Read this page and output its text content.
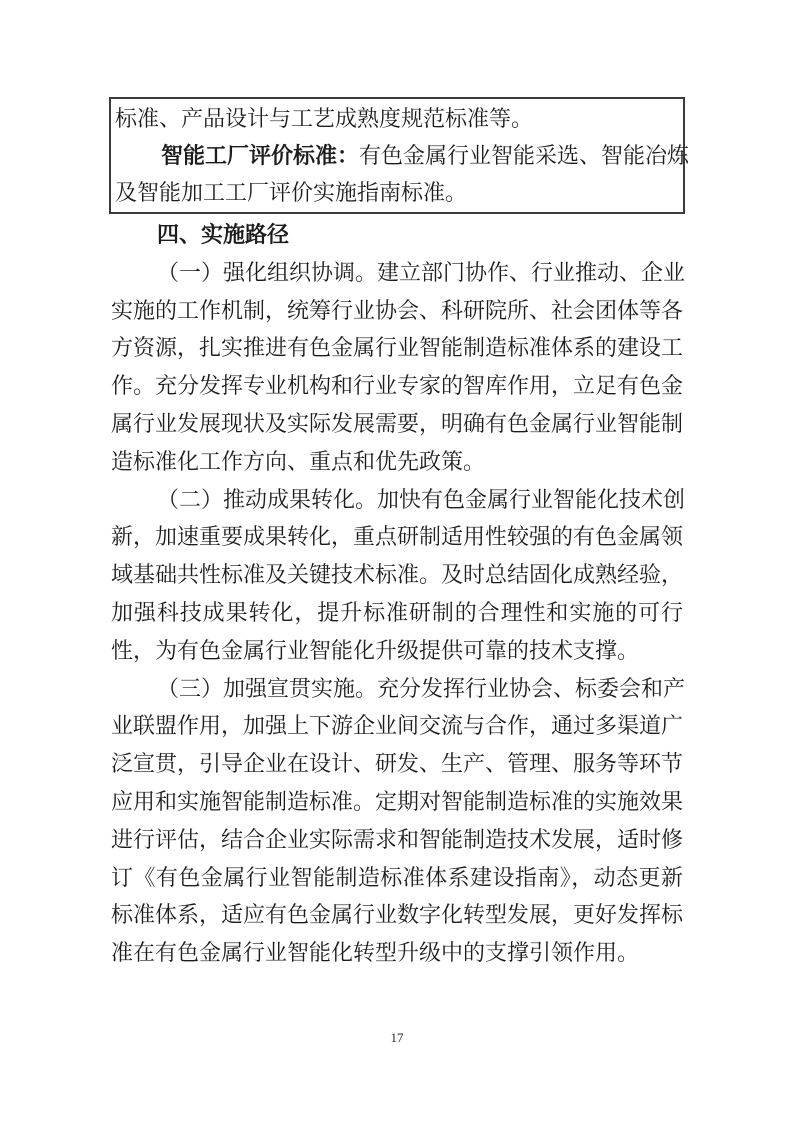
标准、产品设计与工艺成熟度规范标准等。
智能工厂评价标准：有色金属行业智能采选、智能冶炼
及智能加工工厂评价实施指南标准。
四、实施路径
（一）强化组织协调。建立部门协作、行业推动、企业
实施的工作机制，统筹行业协会、科研院所、社会团体等各
方资源，扎实推进有色金属行业智能制造标准体系的建设工
作。充分发挥专业机构和行业专家的智库作用，立足有色金
属行业发展现状及实际发展需要，明确有色金属行业智能制
造标准化工作方向、重点和优先政策。
（二）推动成果转化。加快有色金属行业智能化技术创
新，加速重要成果转化，重点研制适用性较强的有色金属领
域基础共性标准及关键技术标准。及时总结固化成熟经验，
加强科技成果转化，提升标准研制的合理性和实施的可行
性，为有色金属行业智能化升级提供可靠的技术支撑。
（三）加强宣贯实施。充分发挥行业协会、标委会和产
业联盟作用，加强上下游企业间交流与合作，通过多渠道广
泛宣贯，引导企业在设计、研发、生产、管理、服务等环节
应用和实施智能制造标准。定期对智能制造标准的实施效果
进行评估，结合企业实际需求和智能制造技术发展，适时修
订《有色金属行业智能制造标准体系建设指南》，动态更新
标准体系，适应有色金属行业数字化转型发展，更好发挥标
准在有色金属行业智能化转型升级中的支撑引领作用。
17
